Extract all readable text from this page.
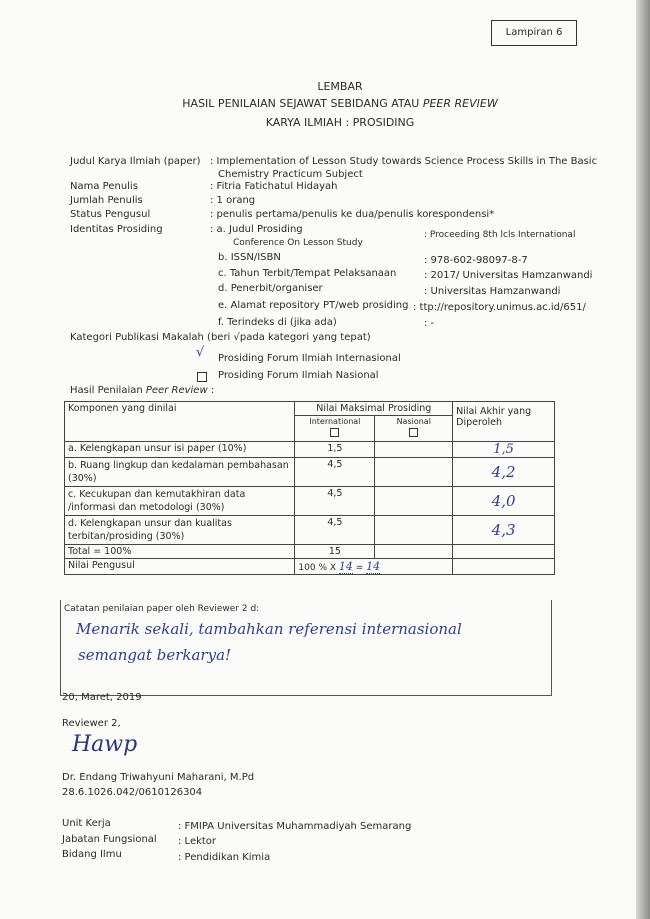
Lampiran 6
LEMBAR
HASIL PENILAIAN SEJAWAT SEBIDANG ATAU PEER REVIEW
KARYA ILMIAH : PROSIDING
Judul Karya Ilmiah (paper) : Implementation of Lesson Study towards Science Process Skills in The Basic
Chemistry Practicum Subject
Nama Penulis	: Fitria Fatichatul Hidayah
Jumlah Penulis	: 1 orang
Status Pengusul	: penulis pertama/penulis ke dua/penulis korespondensi*
Identitas Prosiding	: a. Judul Prosiding
Conference On Lesson Study
: Proceeding 8th lcls International
b. ISSN/ISBN	: 978-602-98097-8-7
c. Tahun Terbit/Tempat Pelaksanaan	: 2017/ Universitas Hamzanwandi
d. Penerbit/organiser	: Universitas Hamzanwandi
e. Alamat repository PT/web prosiding : ttp://repository.unimus.ac.id/651/
f. Terindeks di (jika ada)	: -
Kategori Publikasi Makalah (beri √pada kategori yang tepat)
√ Prosiding Forum Ilmiah Internasional
Prosiding Forum Ilmiah Nasional
Hasil Penilaian Peer Review :
Komponen yang dinilai	Nilai Maksimal Prosiding		Nilai Akhir yang Diperoleh
	International	Nasional	

a. Kelengkapan unsur isi paper (10%)	1,5		1,5
b. Ruang lingkup dan kedalaman pembahasan (30%)	4,5		4,2
c. Kecukupan dan kemutakhiran data /informasi dan metodologi (30%)	4,5		4,0
d. Kelengkapan unsur dan kualitas terbitan/prosiding (30%)	4,5		4,3
Total = 100%	15		
Nilai Pengusul	100 % X 14 = 14		
Catatan penilaian paper oleh Reviewer 2 d:
Menarik sekali, tambahkan referensi internasional
semangat berkarya!
20, Maret, 2019
Reviewer 2,
Hawp
Dr. Endang Triwahyuni Maharani, M.Pd
28.6.1026.042/0610126304
Unit Kerja	: FMIPA Universitas Muhammadiyah Semarang
Jabatan Fungsional : Lektor
Bidang Ilmu	: Pendidikan Kimia
